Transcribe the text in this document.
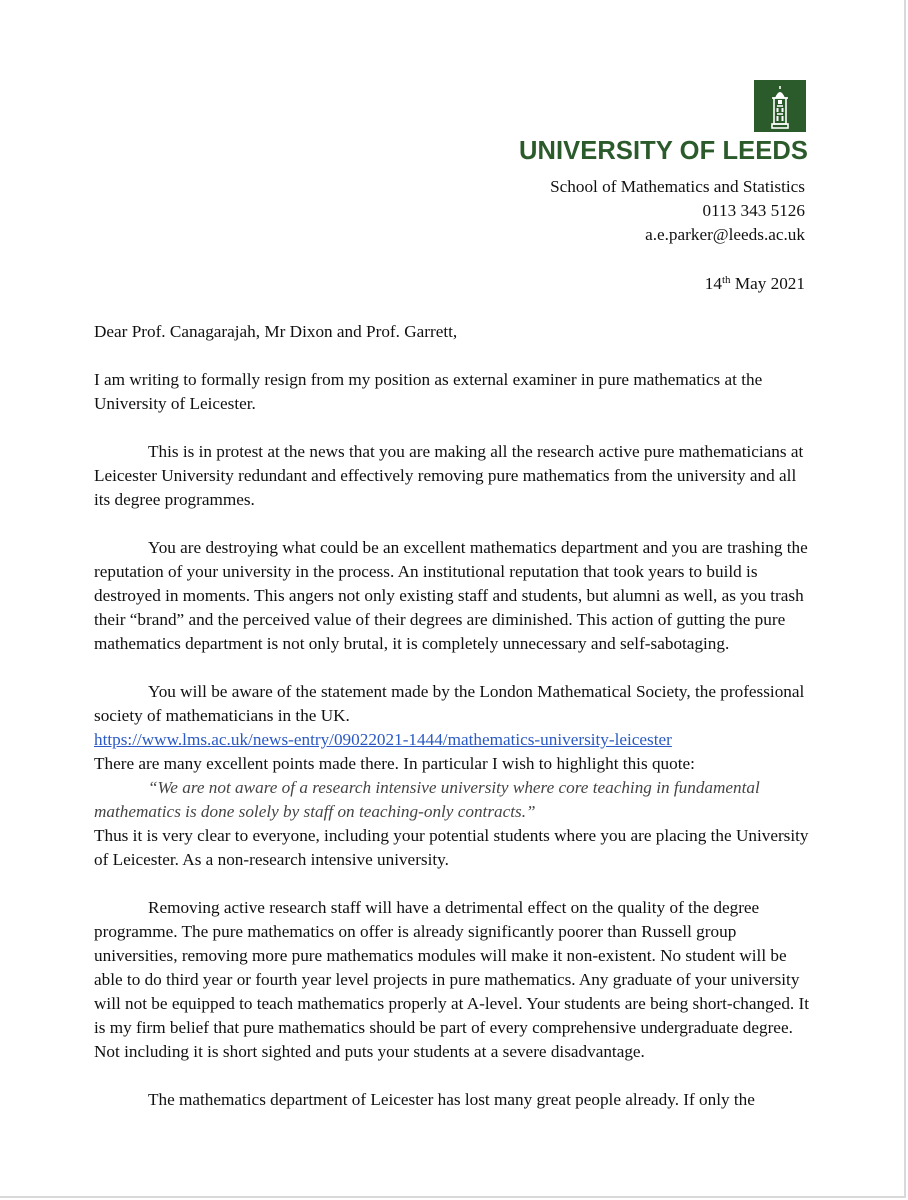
UNIVERSITY OF LEEDS
School of Mathematics and Statistics
0113 343 5126
a.e.parker@leeds.ac.uk
14th May 2021

Dear Prof. Canagarajah, Mr Dixon and Prof. Garrett,

I am writing to formally resign from my position as external examiner in pure mathematics at the University of Leicester.

This is in protest at the news that you are making all the research active pure mathematicians at Leicester University redundant and effectively removing pure mathematics from the university and all its degree programmes.

You are destroying what could be an excellent mathematics department and you are trashing the reputation of your university in the process. An institutional reputation that took years to build is destroyed in moments. This angers not only existing staff and students, but alumni as well, as you trash their “brand” and the perceived value of their degrees are diminished. This action of gutting the pure mathematics department is not only brutal, it is completely unnecessary and self-sabotaging.

You will be aware of the statement made by the London Mathematical Society, the professional society of mathematicians in the UK.
https://www.lms.ac.uk/news-entry/09022021-1444/mathematics-university-leicester
There are many excellent points made there. In particular I wish to highlight this quote:

“We are not aware of a research intensive university where core teaching in fundamental mathematics is done solely by staff on teaching-only contracts.”
Thus it is very clear to everyone, including your potential students where you are placing the University of Leicester. As a non-research intensive university.

Removing active research staff will have a detrimental effect on the quality of the degree programme. The pure mathematics on offer is already significantly poorer than Russell group universities, removing more pure mathematics modules will make it non-existent. No student will be able to do third year or fourth year level projects in pure mathematics. Any graduate of your university will not be equipped to teach mathematics properly at A-level. Your students are being short-changed. It is my firm belief that pure mathematics should be part of every comprehensive undergraduate degree. Not including it is short sighted and puts your students at a severe disadvantage.

The mathematics department of Leicester has lost many great people already. If only the
